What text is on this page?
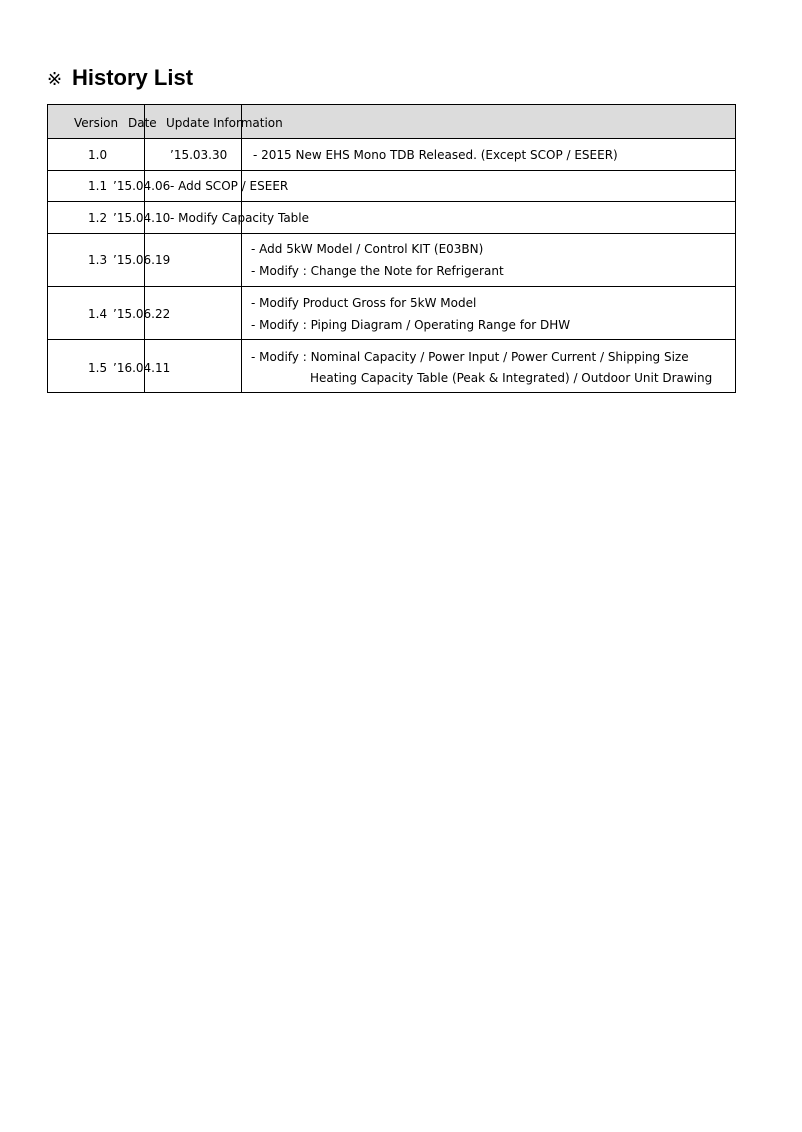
※ History List
Version Date Update Information
1.0	’15.03.30 - 2015 New EHS Mono TDB Released. (Except SCOP / ESEER)
1.1 ’15.04.06 - Add SCOP / ESEER
1.2 ’15.04.10 - Modify Capacity Table
1.3 ’15.06.19
- Add 5kW Model / Control KIT (E03BN)
- Modify : Change the Note for Refrigerant
1.4 ’15.06.22
- Modify Product Gross for 5kW Model
- Modify : Piping Diagram / Operating Range for DHW
1.5 ’16.04.11
- Modify : Nominal Capacity / Power Input / Power Current / Shipping Size
Heating Capacity Table (Peak & Integrated) / Outdoor Unit Drawing
